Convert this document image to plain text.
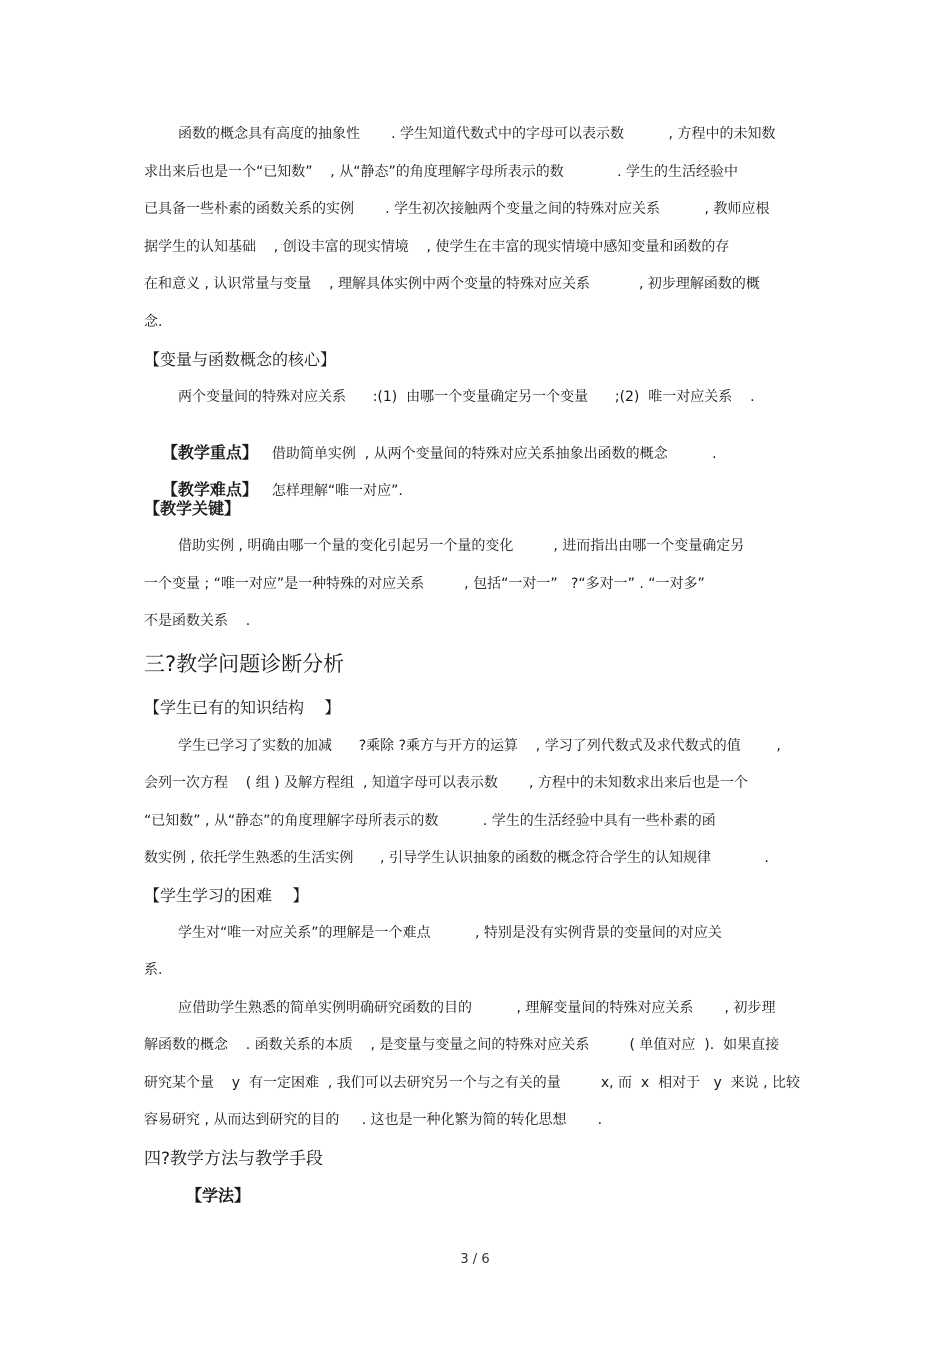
函数的概念具有高度的抽象性       . 学生知道代数式中的字母可以表示数          , 方程中的未知数
求出来后也是一个“已知数”    , 从“静态”的角度理解字母所表示的数            . 学生的生活经验中
已具备一些朴素的函数关系的实例       . 学生初次接触两个变量之间的特殊对应关系          , 教师应根
据学生的认知基础    , 创设丰富的现实情境    , 使学生在丰富的现实情境中感知变量和函数的存
在和意义 , 认识常量与变量    , 理解具体实例中两个变量的特殊对应关系           , 初步理解函数的概
念.
【变量与函数概念的核心】
两个变量间的特殊对应关系      :(1)  由哪一个变量确定另一个变量      ;(2)  唯一对应关系    .

【教学重点】 借助简单实例  , 从两个变量间的特殊对应关系抽象出函数的概念          .

【教学难点】 怎样理解“唯一对应”.

【教学关键】
借助实例 , 明确由哪一个量的变化引起另一个量的变化         , 进而指出由哪一个变量确定另
一个变量 ; “唯一对应”是一种特殊的对应关系         , 包括“一对一”   ?“多对一” . “一对多”
不是函数关系    .
三?教学问题诊断分析
【学生已有的知识结构    】
学生已学习了实数的加减      ?乘除 ?乘方与开方的运算    , 学习了列代数式及求代数式的值        ,
会列一次方程    ( 组 ) 及解方程组  , 知道字母可以表示数       , 方程中的未知数求出来后也是一个
“已知数” , 从“静态”的角度理解字母所表示的数          . 学生的生活经验中具有一些朴素的函
数实例 , 依托学生熟悉的生活实例      , 引导学生认识抽象的函数的概念符合学生的认知规律            .
【学生学习的困难    】
学生对“唯一对应关系”的理解是一个难点          , 特别是没有实例背景的变量间的对应关
系.
应借助学生熟悉的简单实例明确研究函数的目的          , 理解变量间的特殊对应关系       , 初步理
解函数的概念    . 函数关系的本质    , 是变量与变量之间的特殊对应关系         ( 单值对应  ).  如果直接
研究某个量    y  有一定困难  , 我们可以去研究另一个与之有关的量         x, 而  x  相对于   y  来说 , 比较
容易研究 , 从而达到研究的目的     . 这也是一种化繁为简的转化思想       .
四?教学方法与教学手段
【学法】
3 / 6
